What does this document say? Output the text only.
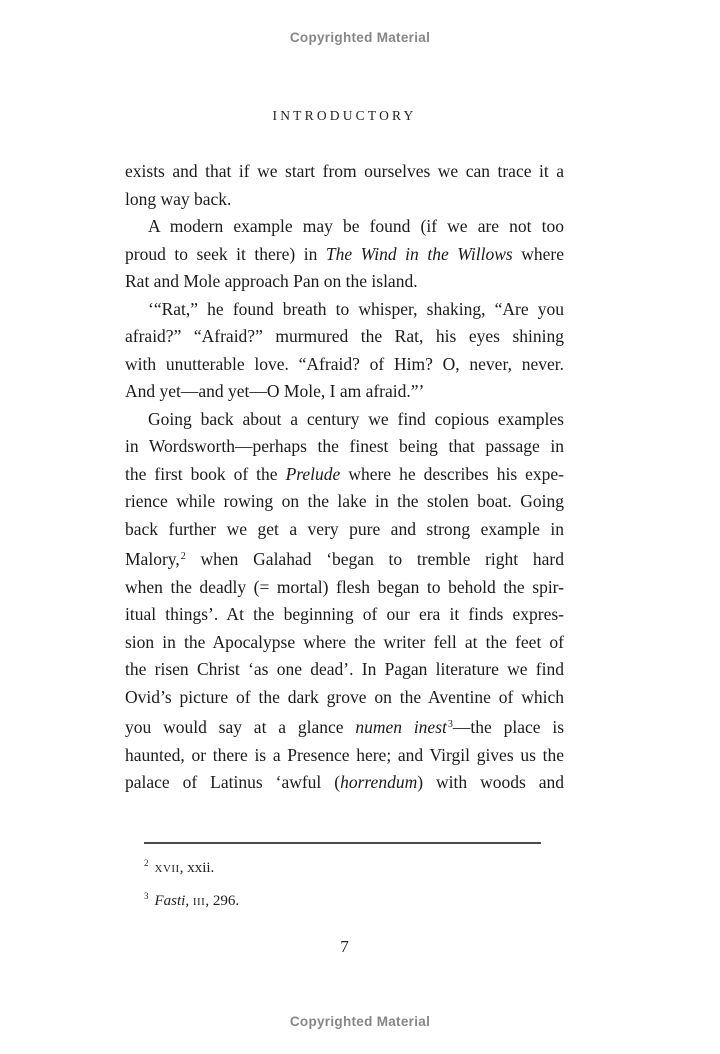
Copyrighted Material
INTRODUCTORY
exists and that if we start from ourselves we can trace it a
long way back.
A modern example may be found (if we are not too
proud to seek it there) in The Wind in the Willows where
Rat and Mole approach Pan on the island.
‘“Rat,” he found breath to whisper, shaking, “Are you
afraid?” “Afraid?” murmured the Rat, his eyes shining
with unutterable love. “Afraid? of Him? O, never, never.
And yet—and yet—O Mole, I am afraid.”’
Going back about a century we find copious examples
in Wordsworth—perhaps the finest being that passage in
the first book of the Prelude where he describes his expe-
rience while rowing on the lake in the stolen boat. Going
back further we get a very pure and strong example in
Malory,$^2$ when Galahad ‘began to tremble right hard
when the deadly (= mortal) flesh began to behold the spir-
itual things’. At the beginning of our era it finds expres-
sion in the Apocalypse where the writer fell at the feet of
the risen Christ ‘as one dead’. In Pagan literature we find
Ovid’s picture of the dark grove on the Aventine of which
you would say at a glance numen inest$^3$—the place is
haunted, or there is a Presence here; and Virgil gives us the
palace of Latinus ‘awful (horrendum) with woods and
$^2$ xvii, xxii.
$^3$ Fasti, iii, 296.
7
Copyrighted Material
